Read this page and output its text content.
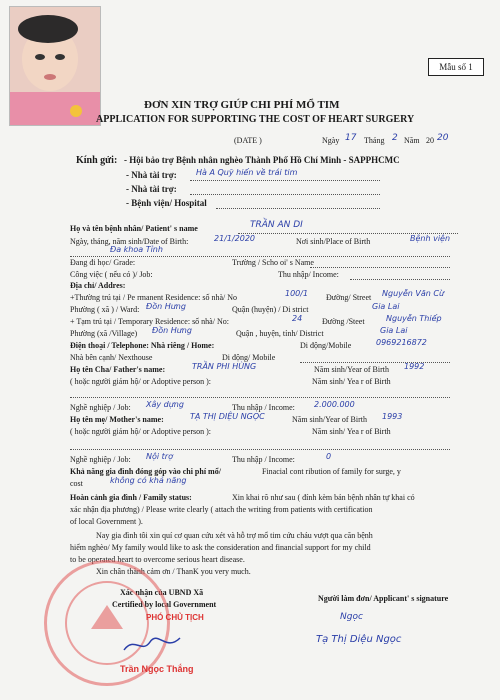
Mẫu số 1
ĐƠN XIN TRỢ GIÚP CHI PHÍ MỔ TIM
APPLICATION FOR SUPPORTING THE COST OF HEART SURGERY
(DATE )	Ngày 17 Tháng 2 Năm 20 20
Kính gửi: - Hội bảo trợ Bệnh nhân nghèo Thành Phố Hồ Chí Minh - SAPPHCMC
- Nhà tài trợ: Hà A Quỹ hiến về trái tim
- Nhà tài trợ:
- Bệnh viện/ Hospital
Họ và tên bệnh nhân/ Patient' s name	TRẦN AN DI
Ngày, tháng, năm sinh/Date of Birth:	21/1/2020	Nơi sinh/Place of Birth	Bệnh viện
Đa khoa Tỉnh
Đang đi học/ Grade:	Trường / Scho oi' s Name
Công việc ( nếu có )/ Job:	Thu nhập/ Income:
Địa chỉ/ Addres:
+Thường trú tại / Pe rmanent Residence: số nhà/ No	100/1 Đường/ Street Nguyễn Văn Cừ
Phường ( xã ) / Ward: Đồn Hưng	Quận (huyện) / Di strict	Gia Lai
+ Tạm trú tại / Temporary Residence: số nhà/ No:	24 Đường /Steet	Nguyễn Thiếp
Phường (xã /Village) Đồn Hưng	Quận , huyện, tỉnh/ District	Gia Lai
Điện thoại / Telephone: Nhà riêng / Home:	Di động/Mobile	0969216872
Nhà bên cạnh/ Nexthouse	Di động/ Mobile
Họ tên Cha/ Father's name:	TRẦN PHI HÙNG	Năm sinh/Year of Birth 1992
( hoặc người giám hộ/ or Adoptive person ):	Năm sinh/ Yea r of Birth
Nghề nghiệp / Job: Xây dựng	Thu nhập / Income: 2.000.000
Họ tên mẹ/ Mother's name:	TẠ THỊ DIỆU NGỌC	Năm sinh/Year of Birth 1993
( hoặc người giám hộ/ or Adoptive person ):	Năm sinh/ Yea r of Birth
Nghề nghiệp / Job: Nội trợ	Thu nhập / Income:	0
Khả năng gia đình đóng góp vào chi phí mổ/	Finacial cont ribution of family for surge, y
cost	không có khả năng
Hoàn cảnh gia đình / Family status:	Xin khai rõ như sau ( đính kèm bản bệnh nhân tự khai có
xác nhận địa phương) / Please write clearly ( attach the writing from patients with certification
of local Government ).
Nay gia đình tôi xin quí cơ quan cứu xét và hỗ trợ mổ tim cứu cháu vượt qua căn bệnh
hiểm nghèo/ My family would like to ask the consideration and financial support for my child
to be operated heart to overcome serious heart disease.
Xin chân thành cảm ơn / ThanK you very much.
Xác nhận của UBND Xã
Certified by local Government
PHÓ CHỦ TỊCH
Trần Ngọc Thắng
Người làm đơn/ Applicant' s signature
Ngọc
Tạ Thị Diệu Ngọc
